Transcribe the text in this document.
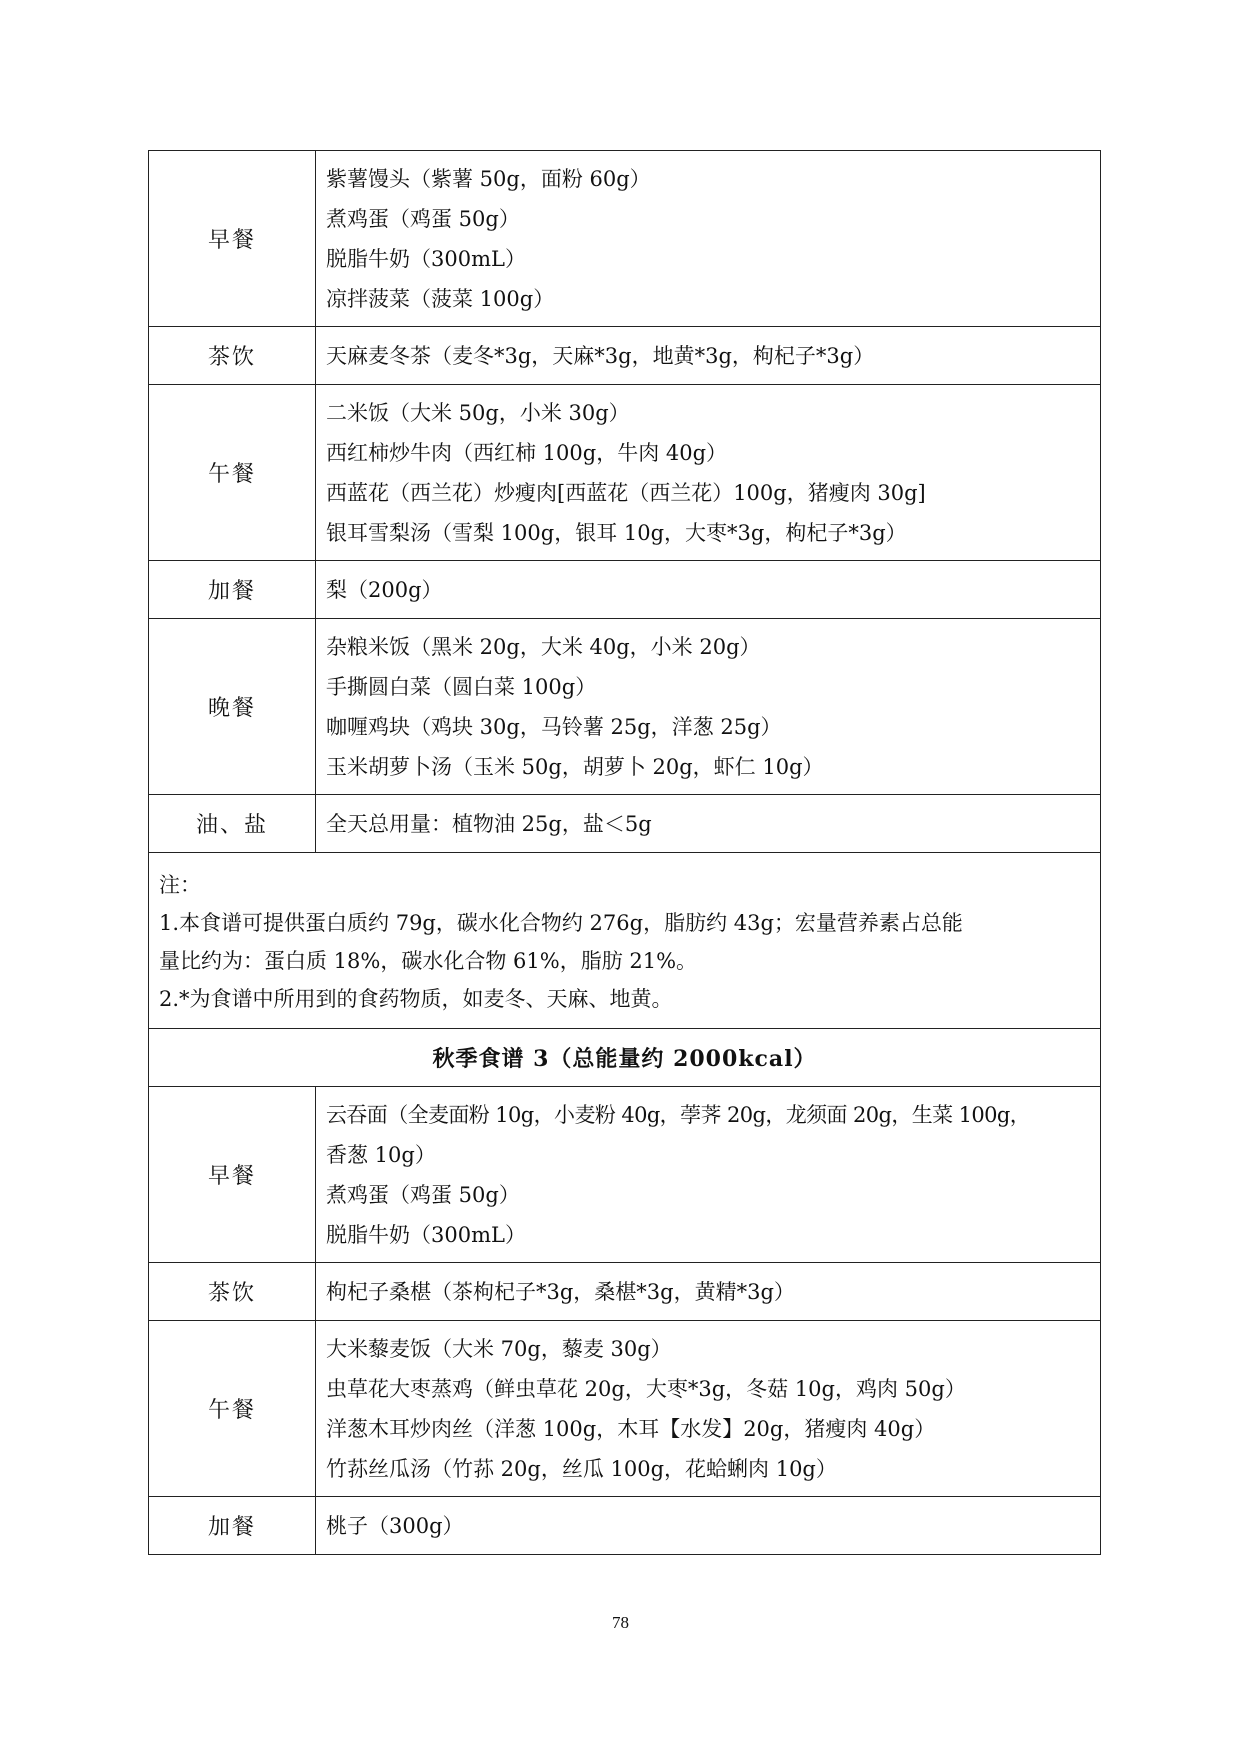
早餐	紫薯馒头（紫薯 50g，面粉 60g）
煮鸡蛋（鸡蛋 50g）
脱脂牛奶（300mL）
凉拌菠菜（菠菜 100g）

茶饮	天麻麦冬茶（麦冬*3g，天麻*3g，地黄*3g，枸杞子*3g）

午餐	二米饭（大米 50g，小米 30g）
西红柿炒牛肉（西红柿 100g，牛肉 40g）
西蓝花（西兰花）炒瘦肉[西蓝花（西兰花）100g，猪瘦肉 30g]
银耳雪梨汤（雪梨 100g，银耳 10g，大枣*3g，枸杞子*3g）

加餐	梨（200g）

晚餐	杂粮米饭（黑米 20g，大米 40g，小米 20g）
手撕圆白菜（圆白菜 100g）
咖喱鸡块（鸡块 30g，马铃薯 25g，洋葱 25g）
玉米胡萝卜汤（玉米 50g，胡萝卜 20g，虾仁 10g）

油、盐	全天总用量：植物油 25g，盐＜5g

注：
1.本食谱可提供蛋白质约 79g，碳水化合物约 276g，脂肪约 43g；宏量营养素占总能
量比约为：蛋白质 18%，碳水化合物 61%，脂肪 21%。
2.*为食谱中所用到的食药物质，如麦冬、天麻、地黄。	

秋季食谱 3（总能量约 2000kcal）	
早餐	云吞面（全麦面粉 10g，小麦粉 40g，荸荠 20g，龙须面 20g，生菜 100g，
香葱 10g）
煮鸡蛋（鸡蛋 50g）
脱脂牛奶（300mL）

茶饮	枸杞子桑椹（茶枸杞子*3g，桑椹*3g，黄精*3g）

午餐	大米藜麦饭（大米 70g，藜麦 30g）
虫草花大枣蒸鸡（鲜虫草花 20g，大枣*3g，冬菇 10g，鸡肉 50g）
洋葱木耳炒肉丝（洋葱 100g，木耳【水发】20g，猪瘦肉 40g）
竹荪丝瓜汤（竹荪 20g，丝瓜 100g，花蛤蜊肉 10g）

加餐	桃子（300g）
78
